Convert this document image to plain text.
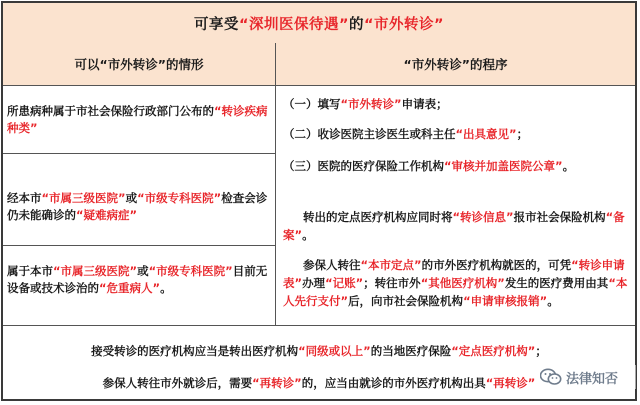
可享受 “深圳医保待遇” 的 “市外转诊”
可以“市外转诊”的情形	“市外转诊”的程序
所患病种属于市社会保险行政部门公布的“转诊疾病种类”
经本市“市属三级医院”或“市级专科医院”检查会诊仍未能确诊的“疑难病症”
属于本市“市属三级医院”或“市级专科医院”目前无设备或技术诊治的“危重病人”。
（一）填写“市外转诊”申请表；
（二）收诊医院主诊医生或科主任“出具意见”；
（三）医院的医疗保险工作机构“审核并加盖医院公章”。
转出的定点医疗机构应同时将“转诊信息”报市社会保险机构“备案”。
参保人转往“本市定点”的市外医疗机构就医的，可凭“转诊申请表”办理“记账”；转往市外“其他医疗机构”发生的医疗费用由其“本人先行支付”后，向市社会保险机构“申请审核报销”。
接受转诊的医疗机构应当是转出医疗机构“同级或以上”的当地医疗保险“定点医疗机构”；
参保人转往市外就诊后，需要“再转诊”的，应当由就诊的市外医疗机构出具“再转诊”	法律知否
